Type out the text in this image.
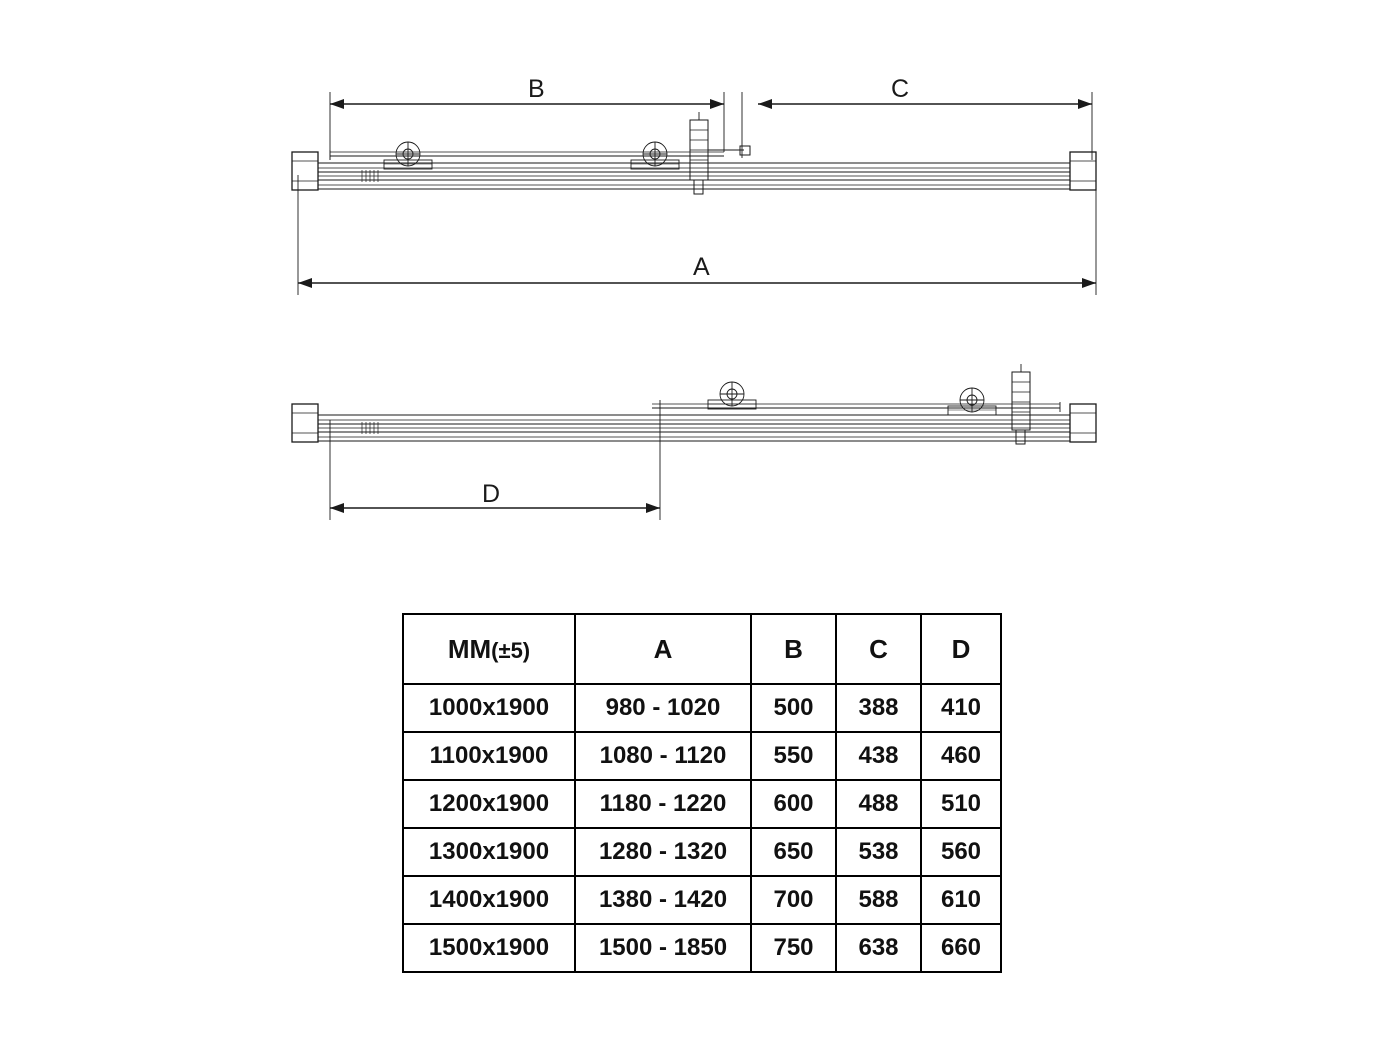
B	C
A
D
MM(±5)	A	B	C	D
1000x1900	980 - 1020	500	388	410
1100x1900	1080 - 1120	550	438	460
1200x1900	1180 - 1220	600	488	510
1300x1900	1280 - 1320	650	538	560
1400x1900	1380 - 1420	700	588	610
1500x1900	1500 - 1850	750	638	660
